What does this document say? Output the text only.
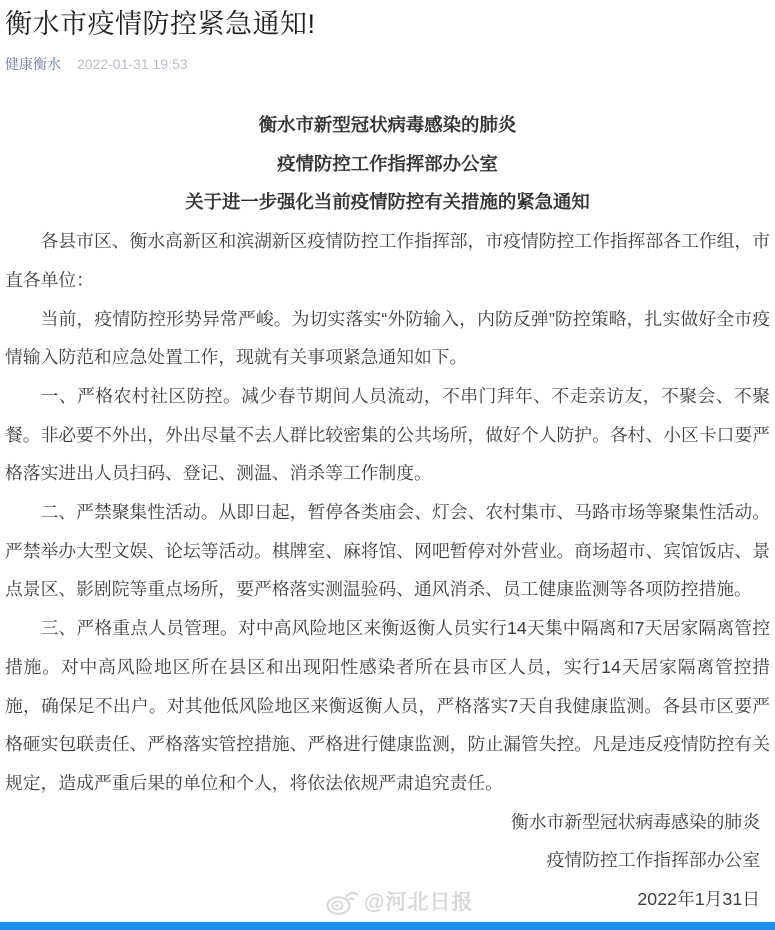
衡水市疫情防控紧急通知!
健康衡水 2022-01-31 19:53
衡水市新型冠状病毒感染的肺炎
疫情防控工作指挥部办公室
关于进一步强化当前疫情防控有关措施的紧急通知
各县市区、衡水高新区和滨湖新区疫情防控工作指挥部，市疫情防控工作指挥部各工作组，市直各单位：
当前，疫情防控形势异常严峻。为切实落实“外防输入，内防反弹”防控策略，扎实做好全市疫情输入防范和应急处置工作，现就有关事项紧急通知如下。
一、严格农村社区防控。减少春节期间人员流动，不串门拜年、不走亲访友，不聚会、不聚餐。非必要不外出，外出尽量不去人群比较密集的公共场所，做好个人防护。各村、小区卡口要严格落实进出人员扫码、登记、测温、消杀等工作制度。
二、严禁聚集性活动。从即日起，暂停各类庙会、灯会、农村集市、马路市场等聚集性活动。严禁举办大型文娱、论坛等活动。棋牌室、麻将馆、网吧暂停对外营业。商场超市、宾馆饭店、景点景区、影剧院等重点场所，要严格落实测温验码、通风消杀、员工健康监测等各项防控措施。
三、严格重点人员管理。对中高风险地区来衡返衡人员实行14天集中隔离和7天居家隔离管控措施。对中高风险地区所在县区和出现阳性感染者所在县市区人员，实行14天居家隔离管控措施，确保足不出户。对其他低风险地区来衡返衡人员，严格落实7天自我健康监测。各县市区要严格砸实包联责任、严格落实管控措施、严格进行健康监测，防止漏管失控。凡是违反疫情防控有关规定，造成严重后果的单位和个人，将依法依规严肃追究责任。
衡水市新型冠状病毒感染的肺炎
疫情防控工作指挥部办公室
2022年1月31日
@河北日报
